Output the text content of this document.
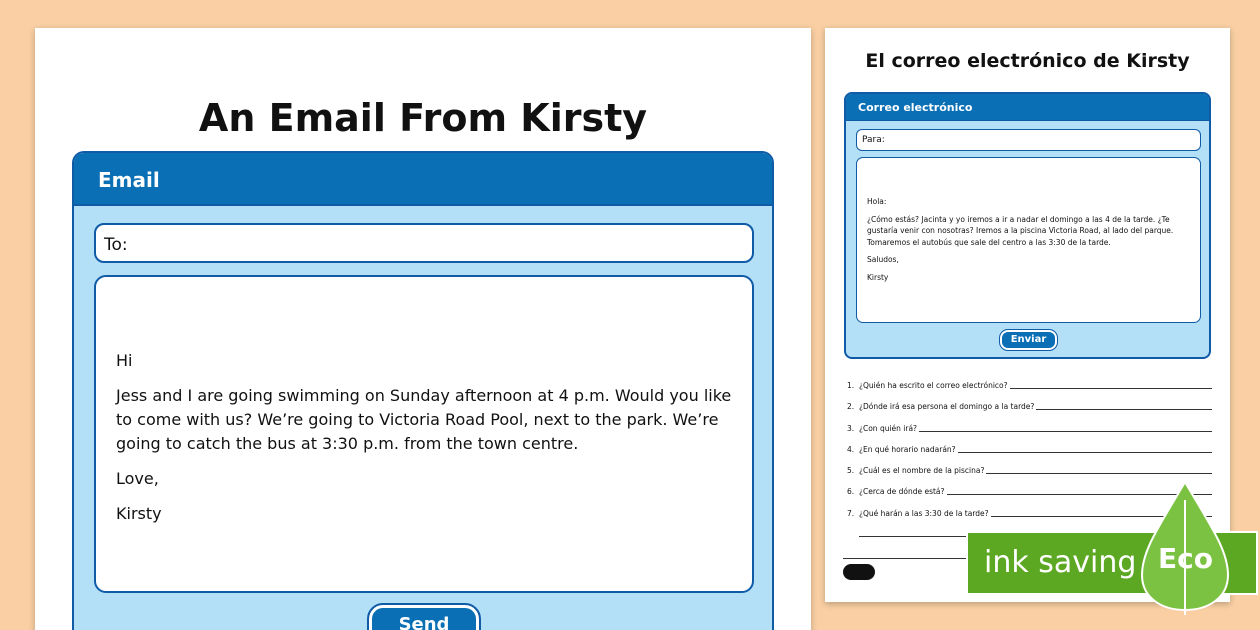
An Email From Kirsty
Email
To:

Hi

Jess and I are going swimming on Sunday afternoon at 4 p.m. Would you like to come with us? We’re going to Victoria Road Pool, next to the park. We’re going to catch the bus at 3:30 p.m. from the town centre.

Love,

Kirsty

Send
El correo electrónico de Kirsty
Correo electrónico
Para:

Hola:

¿Cómo estás? Jacinta y yo iremos a ir a nadar el domingo a las 4 de la tarde. ¿Te gustaría venir con nosotras? Iremos a la piscina Victoria Road, al lado del parque. Tomaremos el autobús que sale del centro a las 3:30 de la tarde.

Saludos,

Kirsty

Enviar
1. ¿Quién ha escrito el correo electrónico?
2. ¿Dónde irá esa persona el domingo a la tarde?
3. ¿Con quién irá?
4. ¿En qué horario nadarán?
5. ¿Cuál es el nombre de la piscina?
6. ¿Cerca de dónde está?
7. ¿Qué harán a las 3:30 de la tarde?
ink saving Eco
